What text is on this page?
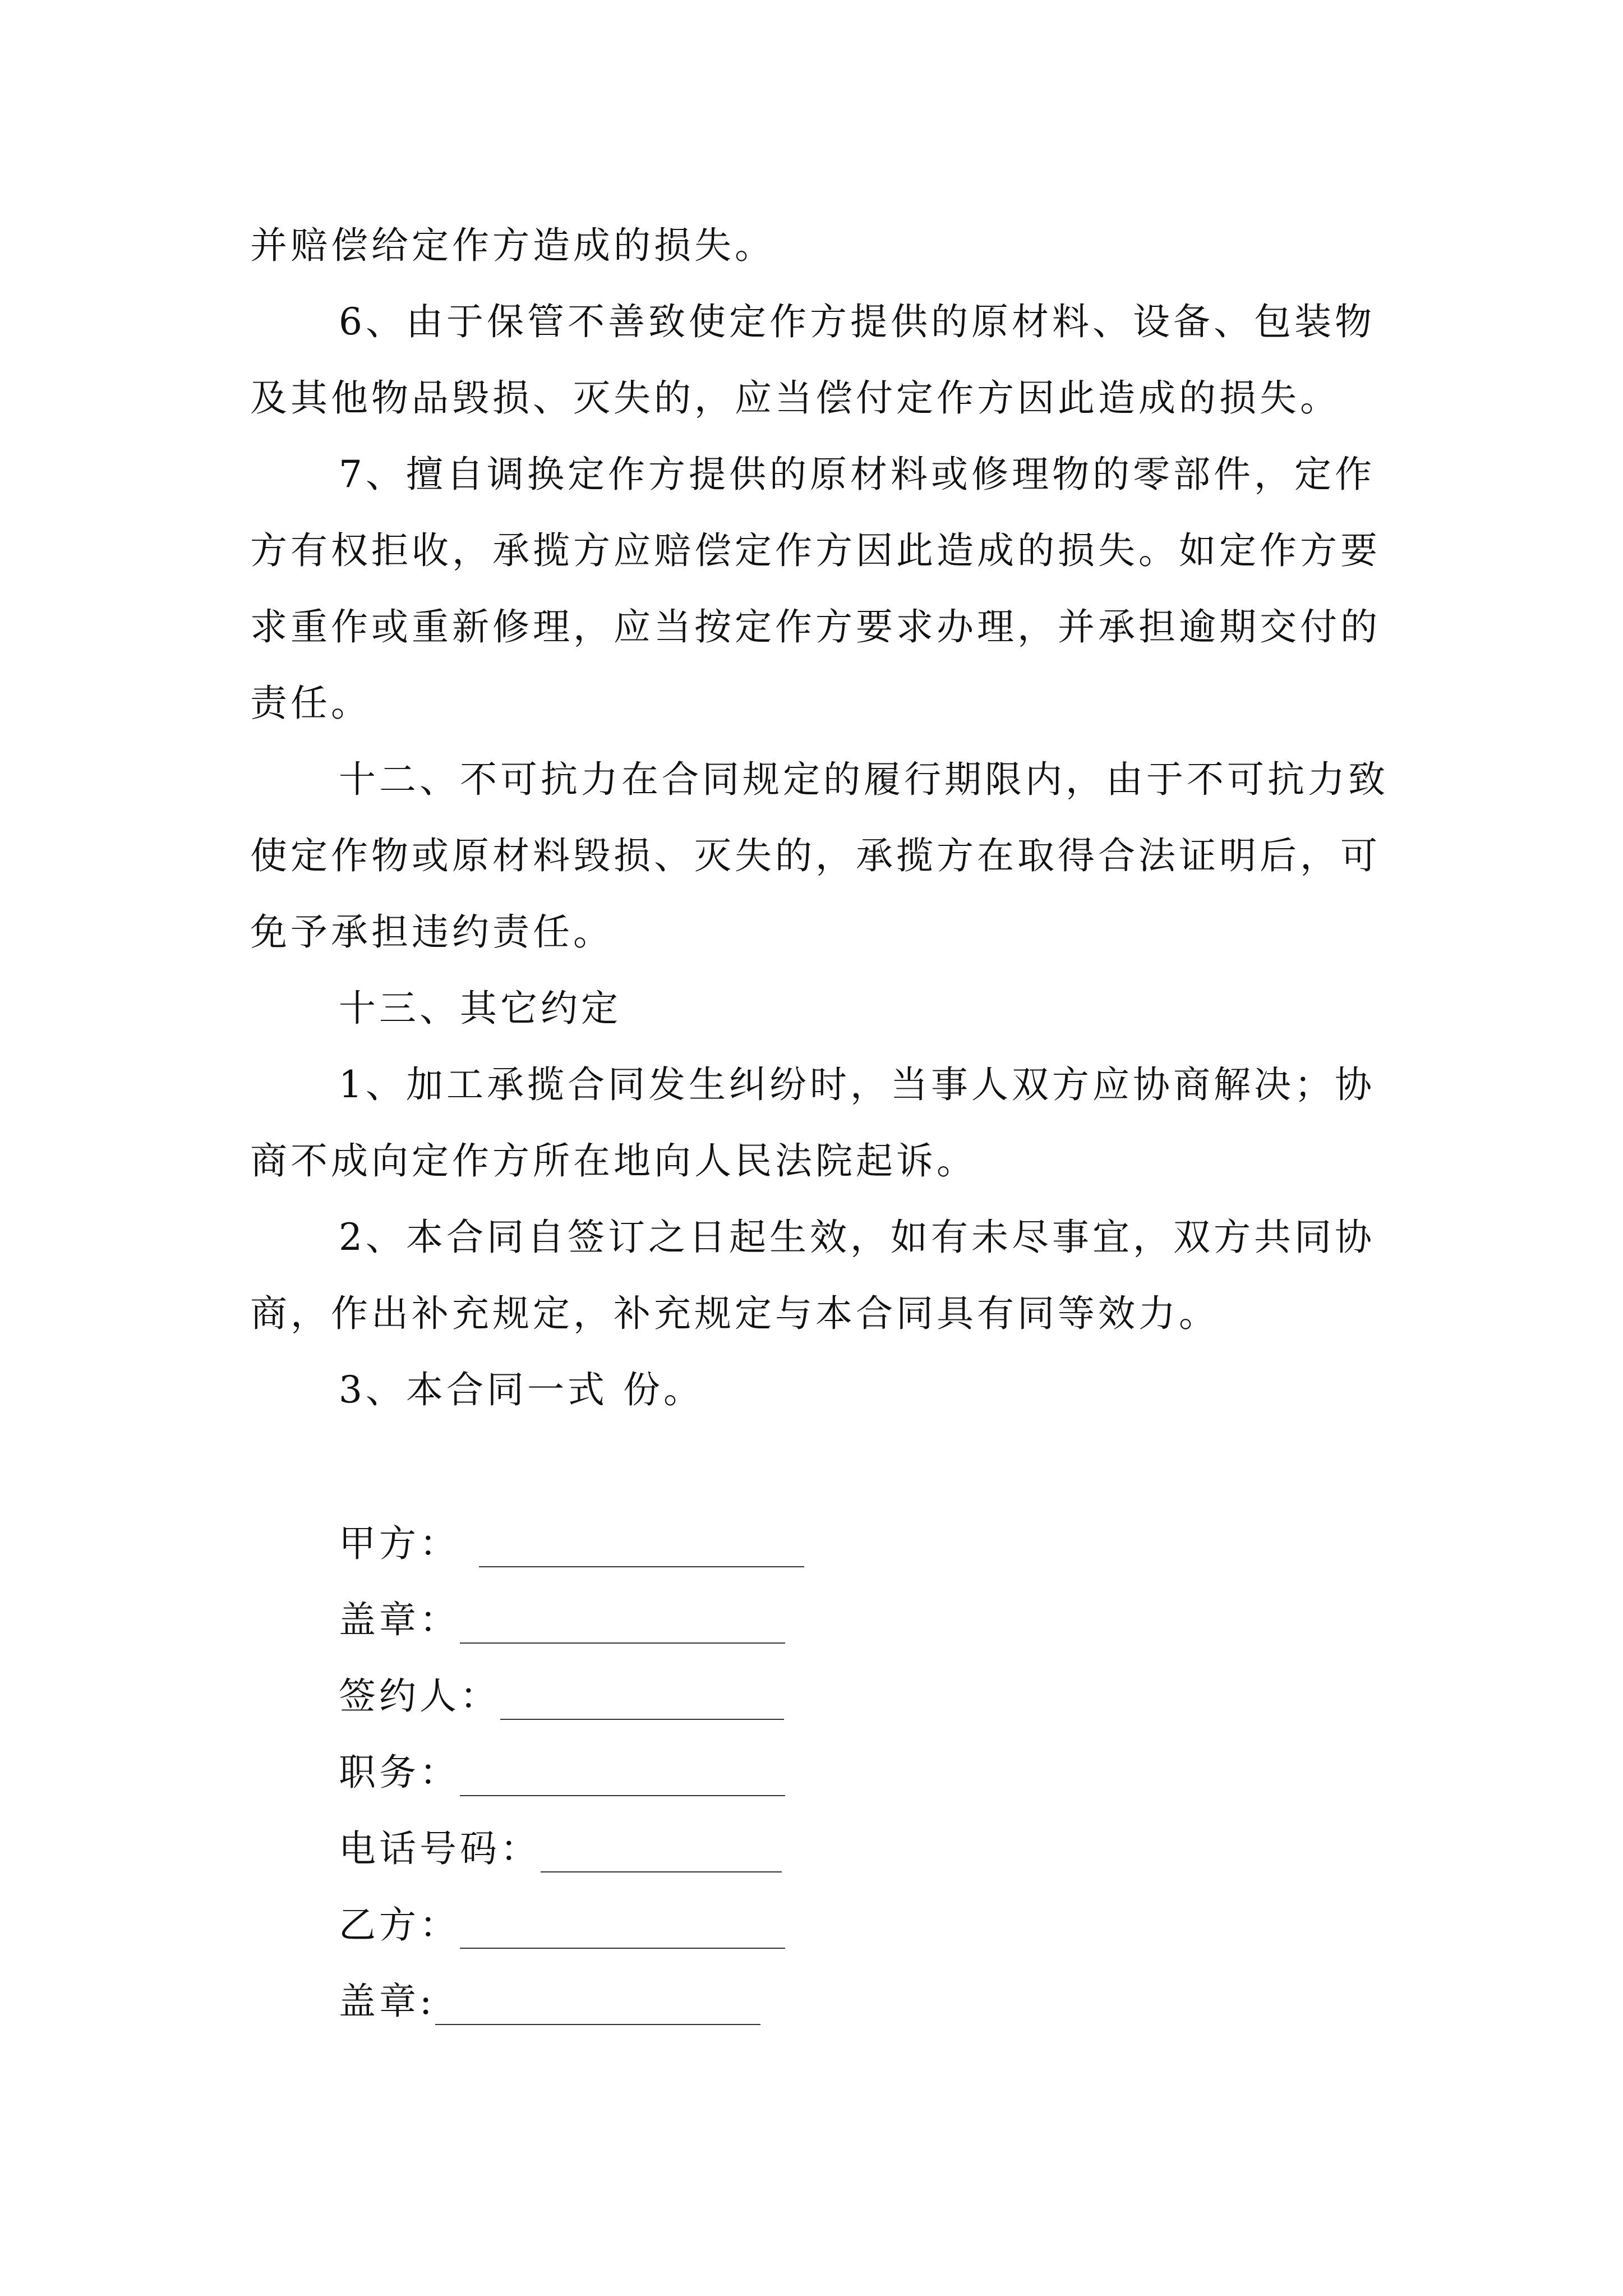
并赔偿给定作方造成的损失。

6、由于保管不善致使定作方提供的原材料、设备、包装物及其他物品毁损、灭失的，应当偿付定作方因此造成的损失。

7、擅自调换定作方提供的原材料或修理物的零部件，定作方有权拒收，承揽方应赔偿定作方因此造成的损失。如定作方要求重作或重新修理，应当按定作方要求办理，并承担逾期交付的责任。

十二、不可抗力在合同规定的履行期限内，由于不可抗力致使定作物或原材料毁损、灭失的，承揽方在取得合法证明后，可免予承担违约责任。

十三、其它约定

1、加工承揽合同发生纠纷时，当事人双方应协商解决；协商不成向定作方所在地向人民法院起诉。

2、本合同自签订之日起生效，如有未尽事宜，双方共同协商，作出补充规定，补充规定与本合同具有同等效力。

3、本合同一式 份。

甲方：
盖章：
签约人：
职务：
电话号码：
乙方：
盖章:
